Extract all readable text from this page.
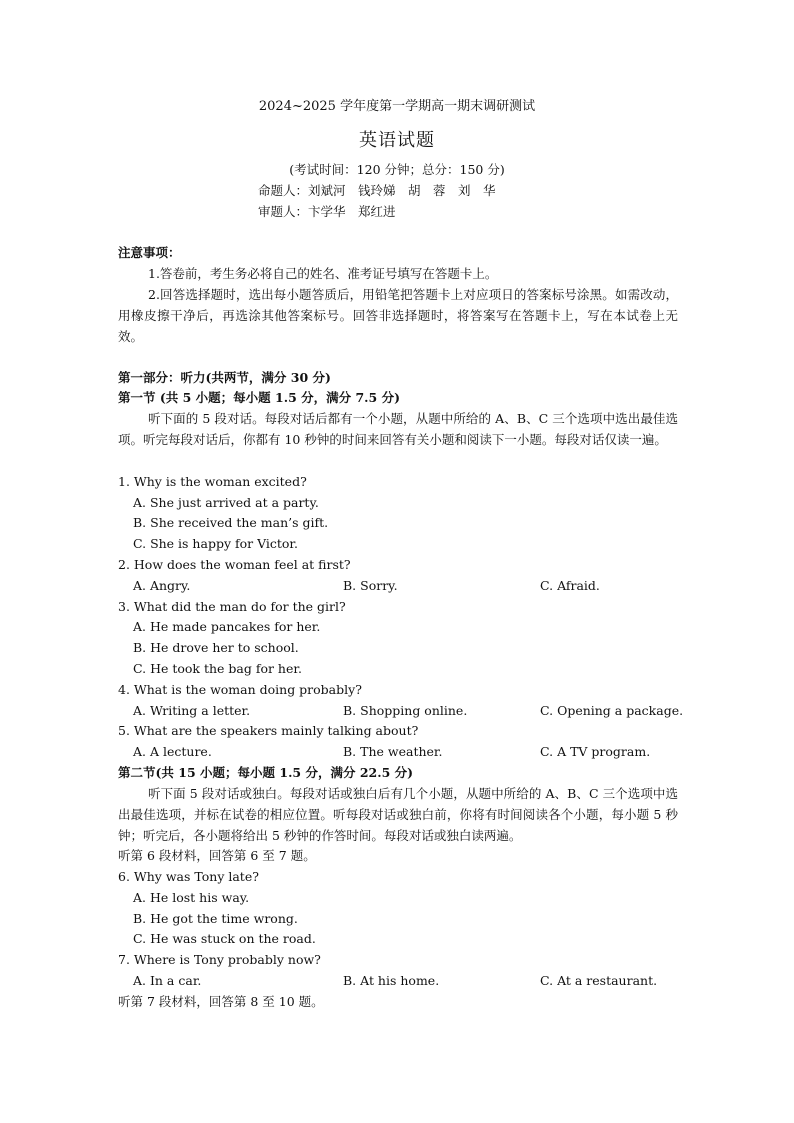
2024~2025 学年度第一学期高一期末调研测试
英语试题
(考试时间：120 分钟；总分：150 分)
命题人：刘斌河　钱玲娣　胡　蓉　刘　华
审题人：卞学华　郑红进
注意事项：
1.答卷前，考生务必将自己的姓名、准考证号填写在答题卡上。
2.回答选择题时，选出每小题答质后，用铅笔把答题卡上对应项日的答案标号涂黑。如需改动，用橡皮擦干净后，再选涂其他答案标号。回答非选择题时，将答案写在答题卡上，写在本试卷上无效。
第一部分：听力(共两节，满分 30 分)
第一节 (共 5 小题；每小题 1.5 分，满分 7.5 分)
听下面的 5 段对话。每段对话后都有一个小题，从题中所给的 A、B、C 三个选项中选出最佳选项。听完每段对话后，你都有 10 秒钟的时间来回答有关小题和阅读下一小题。每段对话仅读一遍。
1. Why is the woman excited?
A. She just arrived at a party.
B. She received the man’s gift.
C. She is happy for Victor.
2. How does the woman feel at first?
A. Angry.	B. Sorry.	C. Afraid.
3. What did the man do for the girl?
A. He made pancakes for her.
B. He drove her to school.
C. He took the bag for her.
4. What is the woman doing probably?
A. Writing a letter.	B. Shopping online.	C. Opening a package.
5. What are the speakers mainly talking about?
A. A lecture.	B. The weather.	C. A TV program.
第二节(共 15 小题；每小题 1.5 分，满分 22.5 分)
听下面 5 段对话或独白。每段对话或独白后有几个小题，从题中所给的 A、B、C 三个选项中选出最佳选项，并标在试卷的相应位置。听每段对话或独白前，你将有时间阅读各个小题，每小题 5 秒钟；听完后，各小题将给出 5 秒钟的作答时间。每段对话或独白读两遍。
听第 6 段材料，回答第 6 至 7 题。
6. Why was Tony late?
A. He lost his way.
B. He got the time wrong.
C. He was stuck on the road.
7. Where is Tony probably now?
A. In a car.	B. At his home.	C. At a restaurant.
听第 7 段材料，回答第 8 至 10 题。
